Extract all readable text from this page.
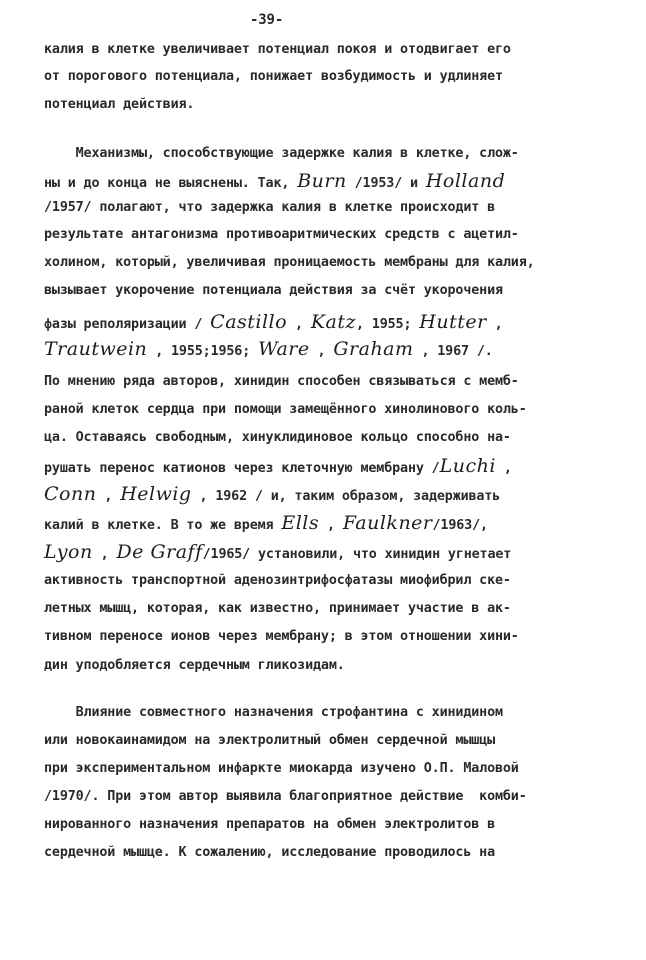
-39-
калия в клетке увеличивает потенциал покоя и отодвигает его
от порогового потенциала, понижает возбудимость и удлиняет
потенциал действия.
Механизмы, способствующие задержке калия в клетке, слож-
ны и до конца не выяснены. Так, Burn /1953/ и Holland
/1957/ полагают, что задержка калия в клетке происходит в
результате антагонизма противоаритмических средств с ацетил-
холином, который, увеличивая проницаемость мембраны для калия,
вызывает укорочение потенциала действия за счёт укорочения
фазы реполяризации / Castillo , Katz, 1955; Hutter ,
Trautwein , 1955;1956; Ware , Graham , 1967 /.
По мнению ряда авторов, хинидин способен связываться с мемб-
раной клеток сердца при помощи замещённого хинолинового коль-
ца. Оставаясь свободным, хинуклидиновое кольцо способно на-
рушать перенос катионов через клеточную мембрану /Luchi ,
Conn , Helwig , 1962 / и, таким образом, задерживать
калий в клетке. В то же время Ells , Faulkner/1963/,
Lyon , De Graff/1965/ установили, что хинидин угнетает
активность транспортной аденозинтрифосфатазы миофибрил ске-
летных мышц, которая, как известно, принимает участие в ак-
тивном переносе ионов через мембрану; в этом отношении хини-
дин уподобляется сердечным гликозидам.
Влияние совместного назначения строфантина с хинидином
или новокаинамидом на электролитный обмен сердечной мышцы
при экспериментальном инфаркте миокарда изучено О.П. Маловой
/1970/. При этом автор выявила благоприятное действие  комби-
нированного назначения препаратов на обмен электролитов в
сердечной мышце. К сожалению, исследование проводилось на
